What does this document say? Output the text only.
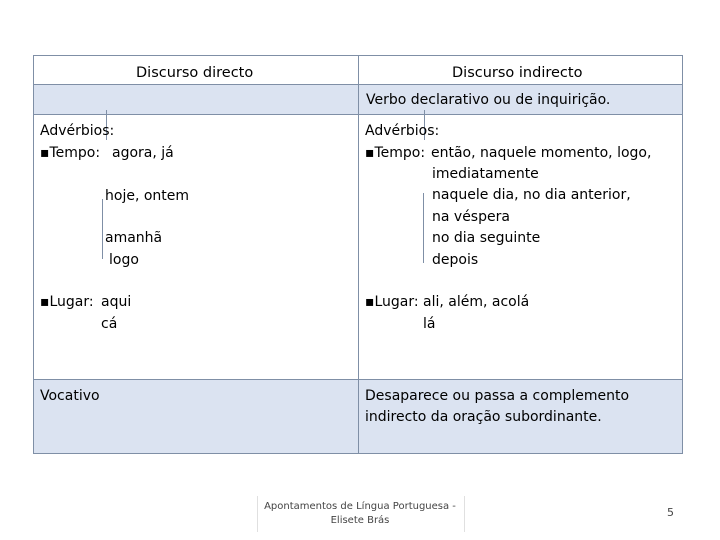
Discurso directo	Discurso indirecto
Verbo declarativo ou de inquirição.
Advérbios:
▪Tempo: agora, já
hoje, ontem
amanhã
logo
▪Lugar: aqui
cá
Advérbios:
▪Tempo: então, naquele momento, logo,
imediatamente
naquele dia, no dia anterior,
na véspera
no dia seguinte
depois
▪Lugar: ali, além, acolá
lá
Vocativo	Desaparece ou passa a complemento
indirecto da oração subordinante.
Apontamentos de Língua Portuguesa -
Elisete Brás
5
